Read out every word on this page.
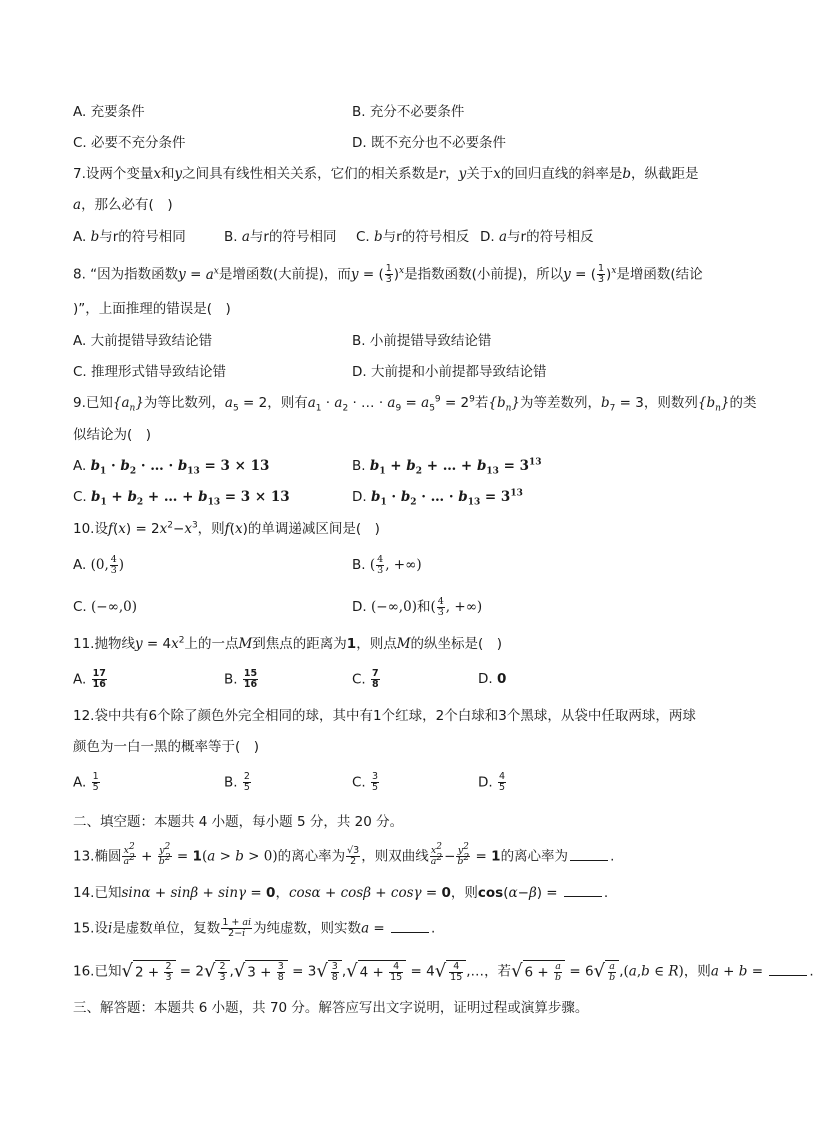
A. 充要条件	B. 充分不必要条件
C. 必要不充分条件	D. 既不充分也不必要条件
7.设两个变量x和y之间具有线性相关关系，它们的相关系数是r，y关于x的回归直线的斜率是b，纵截距是
a，那么必有(　)
A. b与r的符号相同	B. a与r的符号相同 C. b与r的符号相反 D. a与r的符号相反
8. “因为指数函数$y = a^x$是增函数(大前提)，而y = ( $\frac{1}{3} )^x$是指数函数(小前提)，所以y = ( $\frac{1}{3} )^x$是增函数(结论
)”，上面推理的错误是(　)
A. 大前提错导致结论错	B. 小前提错导致结论错
C. 推理形式错导致结论错	D. 大前提和小前提都导致结论错
9.已知$\{a_n\}$为等比数列，$a_5 = 2$，则有$a_1 \cdot a_2$ · … · $a_9 = a_5^9 = 2^9$若$\{b_n\}$为等差数列，$b_7 = 3$，则数列$\{b_n\}$的类
似结论为(　)
A. $b_1 \cdot b_2$ · … · $b_{13} = 3 \times 13$	B. $b_1 + b_2$ + … + $b_{13} = 3^{13}$
C. $b_1 + b_2$ + … + $b_{13} = 3 \times 13$	D. $b_1 \cdot b_2$ · … · $b_{13} = 3^{13}$
10.设$f(x) = 2x^2-x^3$，则f(x)的单调递减区间是(　)
A. (0, $\frac{4}{3}$ )	B. ( $\frac{4}{3}$ , +∞)
C. (−∞,0)	D. (−∞,0)和( $\frac{4}{3}$ , +∞)
11.抛物线$y = 4x^2$上的一点M到焦点的距离为1，则点M的纵坐标是(　)
A. $\frac{17}{16}$	B. $\frac{15}{16}$	C. $\frac{7}{8}$	D. 0
12.袋中共有6个除了颜色外完全相同的球，其中有1个红球，2个白球和3个黑球，从袋中任取两球，两球
颜色为一白一黑的概率等于(　)
A. $\frac{1}{5}$	B. $\frac{2}{5}$	C. $\frac{3}{5}$	D. $\frac{4}{5}$
二、填空题：本题共 4 小题，每小题 5 分，共 20 分。
13.椭圆 $\frac{x^2}{a^2} + \frac{y^2}{b^2} = 1(a > b > 0)$的离心率为 $\frac{√3}{2}$ ，则双曲线 $\frac{x^2}{a^2} - \frac{y^2}{b^2} = 1$的离心率为	.
14.已知sinα + sinβ + sinγ = 0，cosα + cosβ + cosγ = 0，则cos(α−β) =	.
15.设i是虚数单位，复数 $\frac{1 + ai}{2-i}$ 为纯虚数，则实数a =	.
16.已知√ $2 + \frac{2}{3} = 2√ \frac{2}{3}$ ,√ $3 + \frac{3}{8} = 3√ \frac{3}{8}$ ,√ $4 + \frac{4}{15} = 4√ \frac{4}{15}$ ,…，若√ $6 + \frac{a}{b} = 6√ \frac{a}{b} ,(a,b$ ∈ R)，则a + b =	.
三、解答题：本题共 6 小题，共 70 分。解答应写出文字说明，证明过程或演算步骤。
